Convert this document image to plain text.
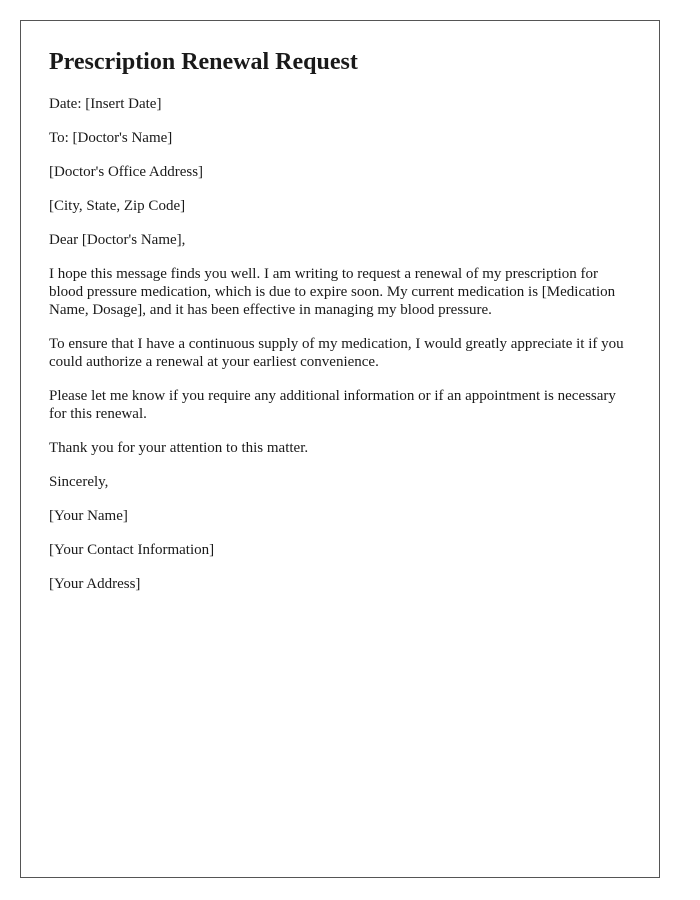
Prescription Renewal Request

Date: [Insert Date]

To: [Doctor's Name]

[Doctor's Office Address]

[City, State, Zip Code]

Dear [Doctor's Name],

I hope this message finds you well. I am writing to request a renewal of my prescription for blood pressure medication, which is due to expire soon. My current medication is [Medication Name, Dosage], and it has been effective in managing my blood pressure.

To ensure that I have a continuous supply of my medication, I would greatly appreciate it if you could authorize a renewal at your earliest convenience.

Please let me know if you require any additional information or if an appointment is necessary for this renewal.

Thank you for your attention to this matter.

Sincerely,

[Your Name]

[Your Contact Information]

[Your Address]
